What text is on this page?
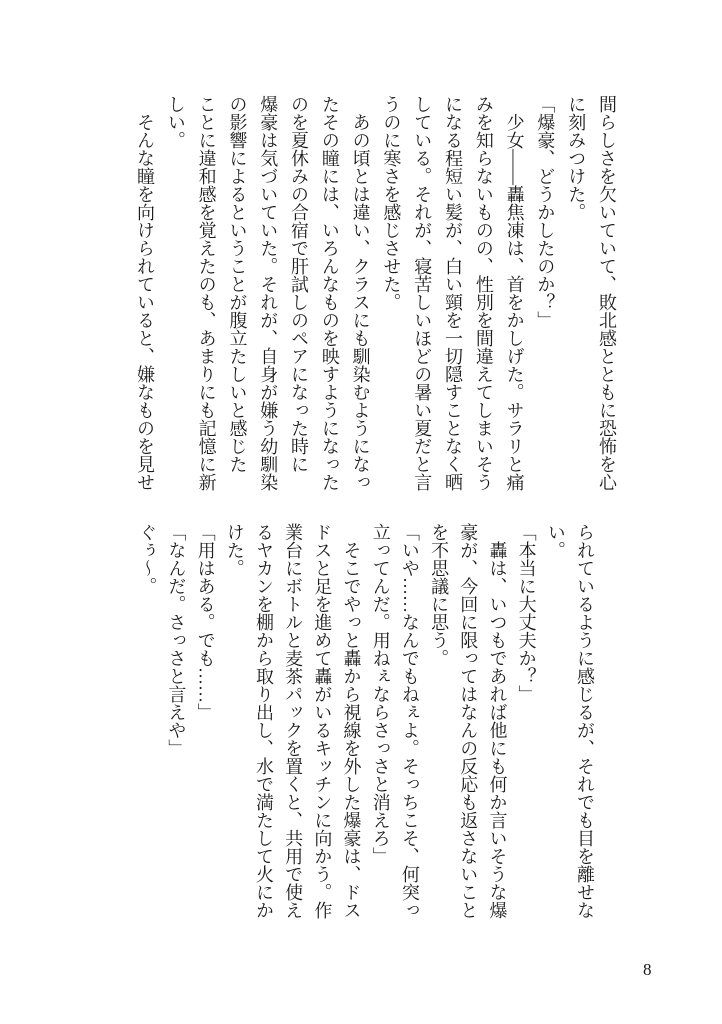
間らしさを欠いていて、敗北感とともに恐怖を心
に刻みつけた。
「爆豪、どうかしたのか？」
　少女――轟焦凍は、首をかしげた。サラリと痛
みを知らないものの、性別を間違えてしまいそう
になる程短い髪が、白い頸を一切隠すことなく晒
している。それが、寝苦しいほどの暑い夏だと言
うのに寒さを感じさせた。
　あの頃とは違い、クラスにも馴染むようになっ
たその瞳には、いろんなものを映すようになった
のを夏休みの合宿で肝試しのペアになった時に
爆豪は気づいていた。それが、自身が嫌う幼馴染
の影響によるということが腹立たしいと感じた
ことに違和感を覚えたのも、あまりにも記憶に新
しい。
　そんな瞳を向けられていると、嫌なものを見せ
られているように感じるが、それでも目を離せな
い。
「本当に大丈夫か？」
　轟は、いつもであれば他にも何か言いそうな爆
豪が、今回に限ってはなんの反応も返さないこと
を不思議に思う。
「いや……なんでもねぇよ。そっちこそ、何突っ
立ってんだ。用ねぇならさっさと消えろ」
　そこでやっと轟から視線を外した爆豪は、ドス
ドスと足を進めて轟がいるキッチンに向かう。作
業台にボトルと麦茶パックを置くと、共用で使え
るヤカンを棚から取り出し、水で満たして火にか
けた。
「用はある。でも……」
「なんだ。さっさと言えや」
ぐぅ〜。
8
